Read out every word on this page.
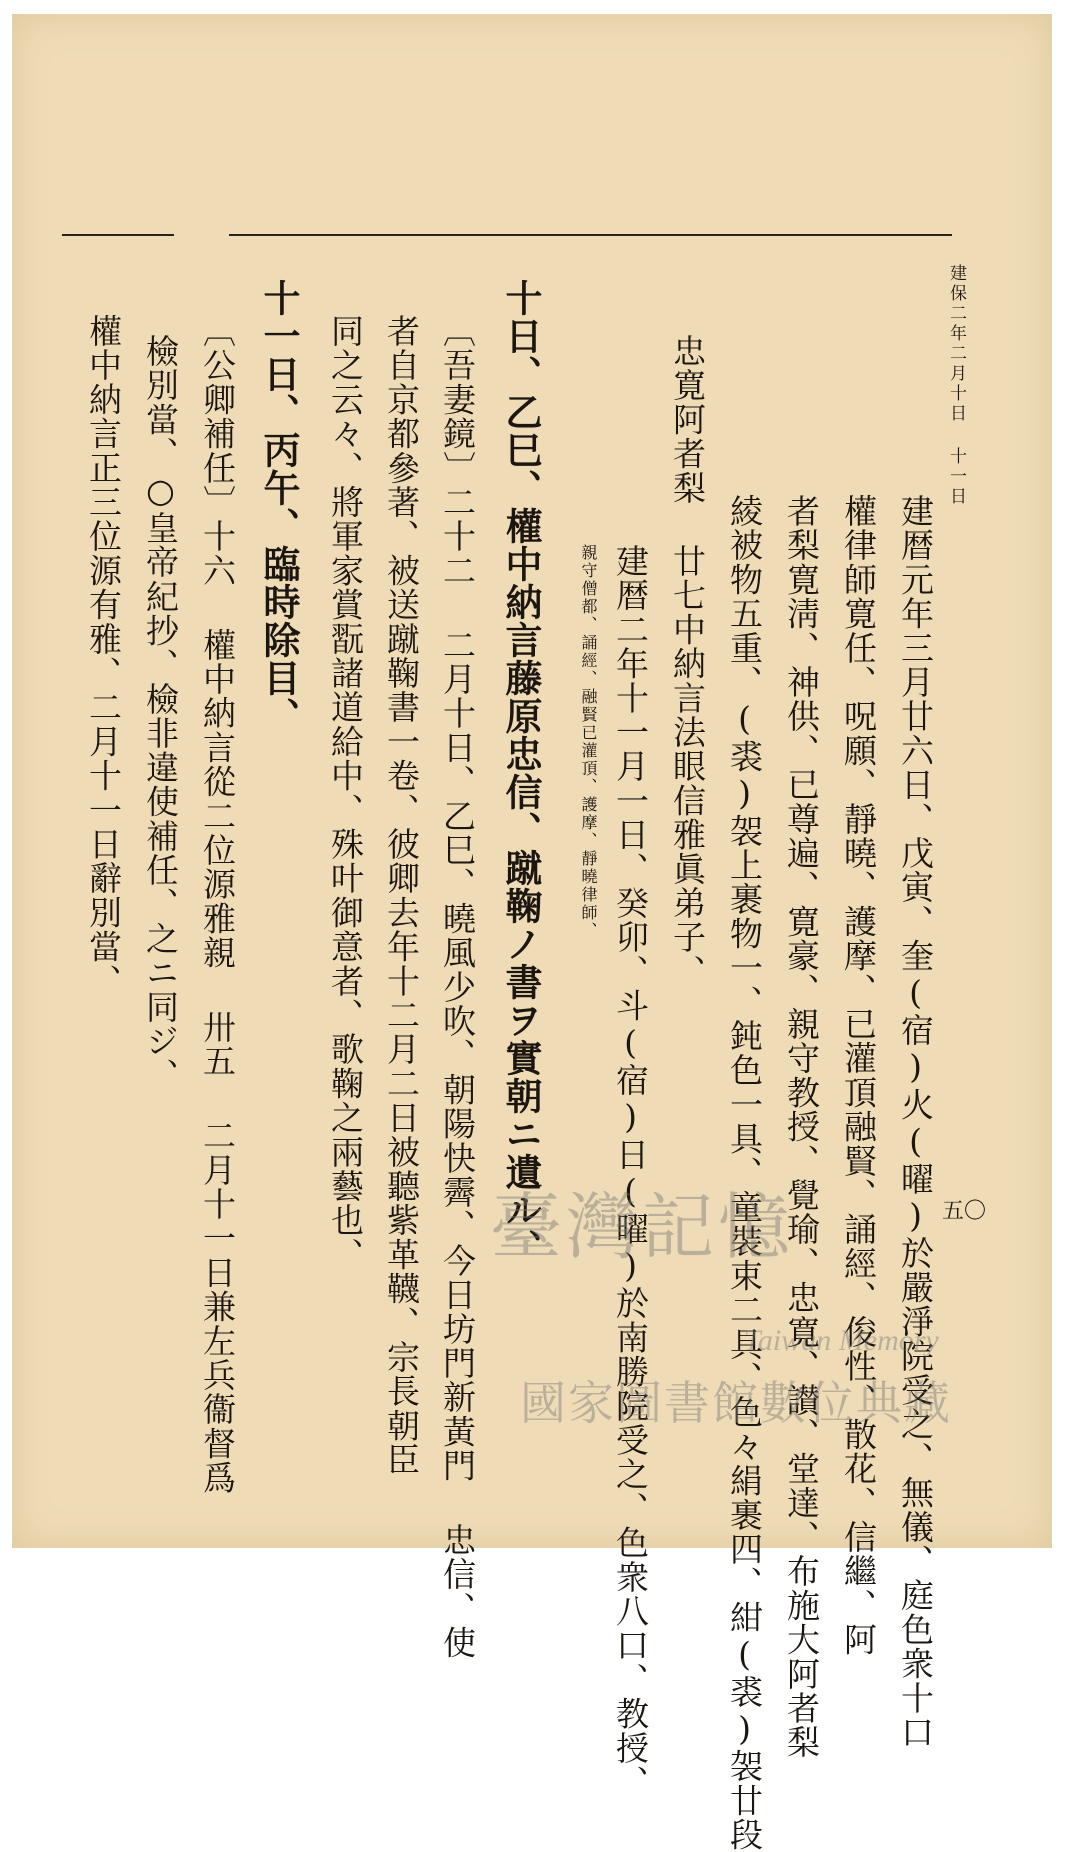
建保二年二月十日 十一日
五〇
建暦元年三月廿六日、戊寅、奎(宿)火(曜)於嚴淨院受之、無儀、庭色衆十口
權律師寛任、呪願、靜曉、護摩、已灌頂融賢、誦經、俊性、散花、信繼、阿
者梨寛淸、神供、已尊遍、寛豪、親守教授、覺瑜、忠寛、讃、堂達、布施大阿者梨
綾被物五重、(裘)袈上裹物一、鈍色一具、童裝束二具、色々絹裹四、紺(裘)袈廿段
廿七中納言法眼信雅眞弟子、
建暦二年十一月一日、癸卯、斗(宿)日(曜)於南勝院受之、色衆八口、教授、
親守僧都、誦經、融賢已灌頂、護摩、靜曉律師、
忠寛阿者梨
十日、乙巳、權中納言藤原忠信、蹴鞠ノ書ヲ實朝ニ遺ル、
〔吾妻鏡〕二十二 二月十日、乙巳、曉風少吹、朝陽快霽、今日坊門新黃門 忠信、使
者自京都參著、被送蹴鞠書一卷、彼卿去年十二月二日被聽紫革韈、宗長朝臣
同之云々、將軍家賞翫諸道給中、殊叶御意者、歌鞠之兩藝也、
十一日、丙午、臨時除目、
〔公卿補任〕十六 權中納言從二位源雅親 卅五 二月十一日兼左兵衞督爲
檢別當、○皇帝紀抄、檢非違使補任、之ニ同ジ、
權中納言正三位源有雅、二月十一日辭別當、
臺灣記憶
Taiwan Memory
國家圖書館數位典藏
